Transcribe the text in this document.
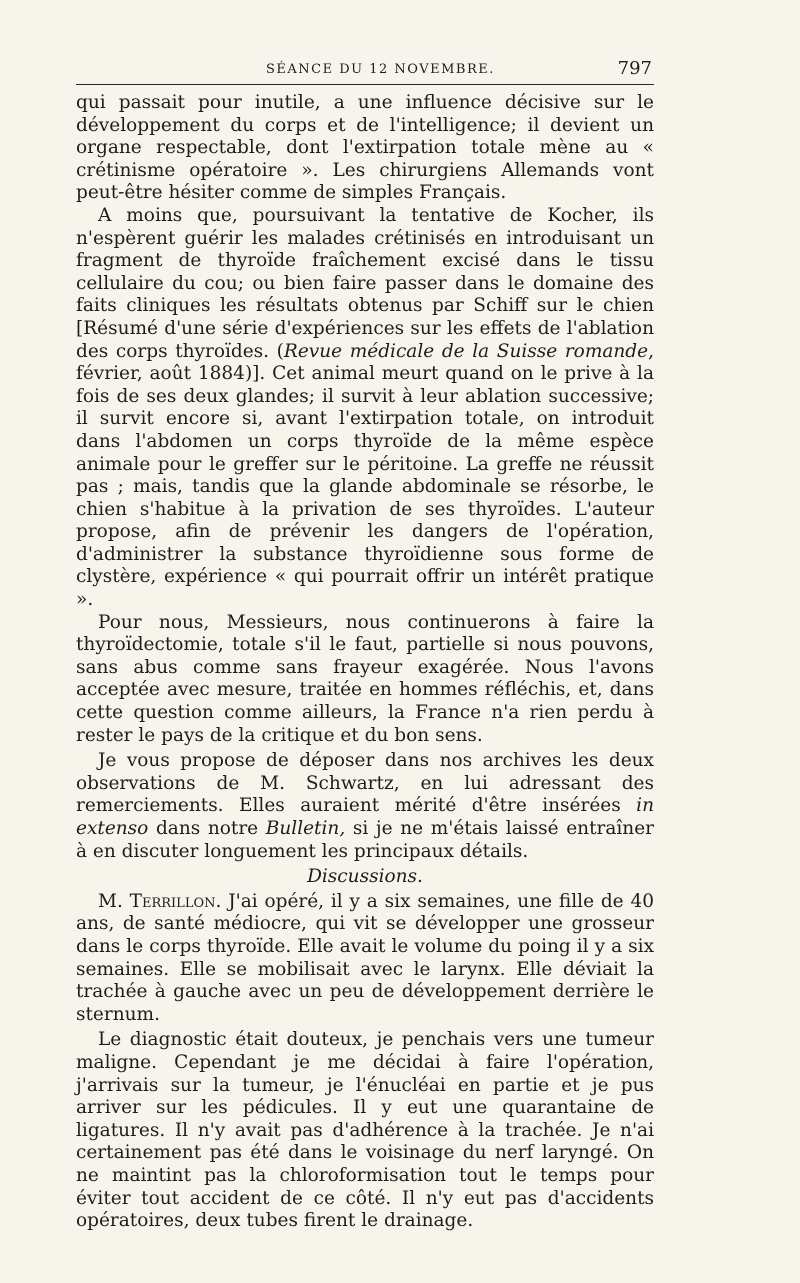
SÉANCE DU 12 NOVEMBRE.	797

qui passait pour inutile, a une influence décisive sur le développement du corps et de l'intelligence; il devient un organe respectable, dont l'extirpation totale mène au « crétinisme opératoire ». Les chirurgiens Allemands vont peut-être hésiter comme de simples Français.

A moins que, poursuivant la tentative de Kocher, ils n'espèrent guérir les malades crétinisés en introduisant un fragment de thyroïde fraîchement excisé dans le tissu cellulaire du cou; ou bien faire passer dans le domaine des faits cliniques les résultats obtenus par Schiff sur le chien [Résumé d'une série d'expériences sur les effets de l'ablation des corps thyroïdes. (Revue médicale de la Suisse romande, février, août 1884)]. Cet animal meurt quand on le prive à la fois de ses deux glandes; il survit à leur ablation successive; il survit encore si, avant l'extirpation totale, on introduit dans l'abdomen un corps thyroïde de la même espèce animale pour le greffer sur le péritoine. La greffe ne réussit pas ; mais, tandis que la glande abdominale se résorbe, le chien s'habitue à la privation de ses thyroïdes. L'auteur propose, afin de prévenir les dangers de l'opération, d'administrer la substance thyroïdienne sous forme de clystère, expérience « qui pourrait offrir un intérêt pratique ».

Pour nous, Messieurs, nous continuerons à faire la thyroïdectomie, totale s'il le faut, partielle si nous pouvons, sans abus comme sans frayeur exagérée. Nous l'avons acceptée avec mesure, traitée en hommes réfléchis, et, dans cette question comme ailleurs, la France n'a rien perdu à rester le pays de la critique et du bon sens.

Je vous propose de déposer dans nos archives les deux observations de M. Schwartz, en lui adressant des remerciements. Elles auraient mérité d'être insérées in extenso dans notre Bulletin, si je ne m'étais laissé entraîner à en discuter longuement les principaux détails.

Discussions.

M. Terrillon. J'ai opéré, il y a six semaines, une fille de 40 ans, de santé médiocre, qui vit se développer une grosseur dans le corps thyroïde. Elle avait le volume du poing il y a six semaines. Elle se mobilisait avec le larynx. Elle déviait la trachée à gauche avec un peu de développement derrière le sternum.

Le diagnostic était douteux, je penchais vers une tumeur maligne. Cependant je me décidai à faire l'opération, j'arrivais sur la tumeur, je l'énucléai en partie et je pus arriver sur les pédicules. Il y eut une quarantaine de ligatures. Il n'y avait pas d'adhérence à la trachée. Je n'ai certainement pas été dans le voisinage du nerf laryngé. On ne maintint pas la chloroformisation tout le temps pour éviter tout accident de ce côté. Il n'y eut pas d'accidents opératoires, deux tubes firent le drainage.
